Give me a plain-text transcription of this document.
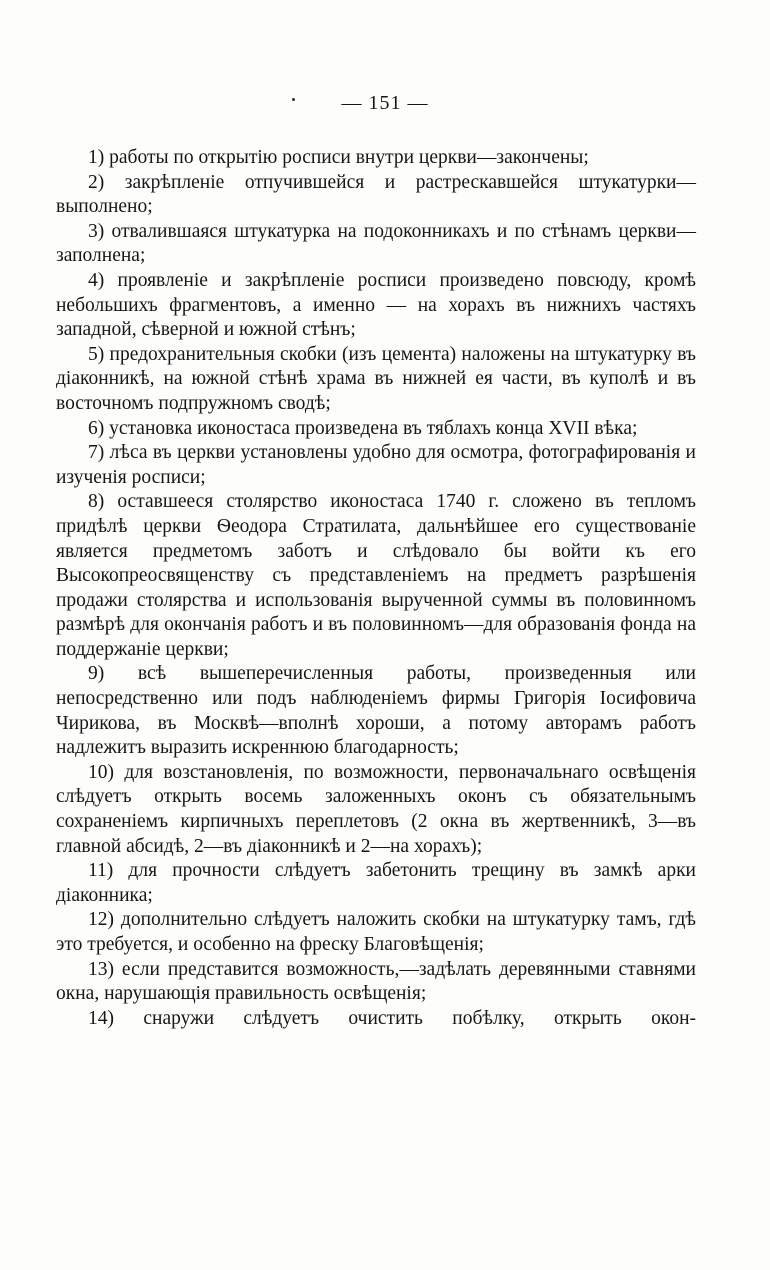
— 151 —

1) работы по открытію росписи внутри церкви—закончены;

2) закрѣпленіе отпучившейся и растрескавшейся штукатурки—выполнено;

3) отвалившаяся штукатурка на подоконникахъ и по стѣнамъ церкви—заполнена;

4) проявленіе и закрѣпленіе росписи произведено повсюду, кромѣ небольшихъ фрагментовъ, а именно — на хорахъ въ нижнихъ частяхъ западной, сѣверной и южной стѣнъ;

5) предохранительныя скобки (изъ цемента) наложены на штукатурку въ діаконникѣ, на южной стѣнѣ храма въ нижней ея части, въ куполѣ и въ восточномъ подпружномъ сводѣ;

6) установка иконостаса произведена въ тяблахъ конца XVII вѣка;

7) лѣса въ церкви установлены удобно для осмотра, фотографированія и изученія росписи;

8) оставшееся столярство иконостаса 1740 г. сложено въ тепломъ придѣлѣ церкви Ѳеодора Стратилата, дальнѣйшее его существованіе является предметомъ заботъ и слѣдовало бы войти къ его Высокопреосвященству съ представленіемъ на предметъ разрѣшенія продажи столярства и использованія вырученной суммы въ половинномъ размѣрѣ для окончанія работъ и въ половинномъ—для образованія фонда на поддержаніе церкви;

9) всѣ вышеперечисленныя работы, произведенныя или непосредственно или подъ наблюденіемъ фирмы Григорія Іосифовича Чирикова, въ Москвѣ—вполнѣ хороши, а потому авторамъ работъ надлежитъ выразить искреннюю благодарность;

10) для возстановленія, по возможности, первоначальнаго освѣщенія слѣдуетъ открыть восемь заложенныхъ оконъ съ обязательнымъ сохраненіемъ кирпичныхъ переплетовъ (2 окна въ жертвенникѣ, 3—въ главной абсидѣ, 2—въ діаконникѣ и 2—на хорахъ);

11) для прочности слѣдуетъ забетонить трещину въ замкѣ арки діаконника;

12) дополнительно слѣдуетъ наложить скобки на штукатурку тамъ, гдѣ это требуется, и особенно на фреску Благовѣщенія;

13) если представится возможность,—задѣлать деревянными ставнями окна, нарушающія правильность освѣщенія;

14) снаружи слѣдуетъ очистить побѣлку, открыть окон-
